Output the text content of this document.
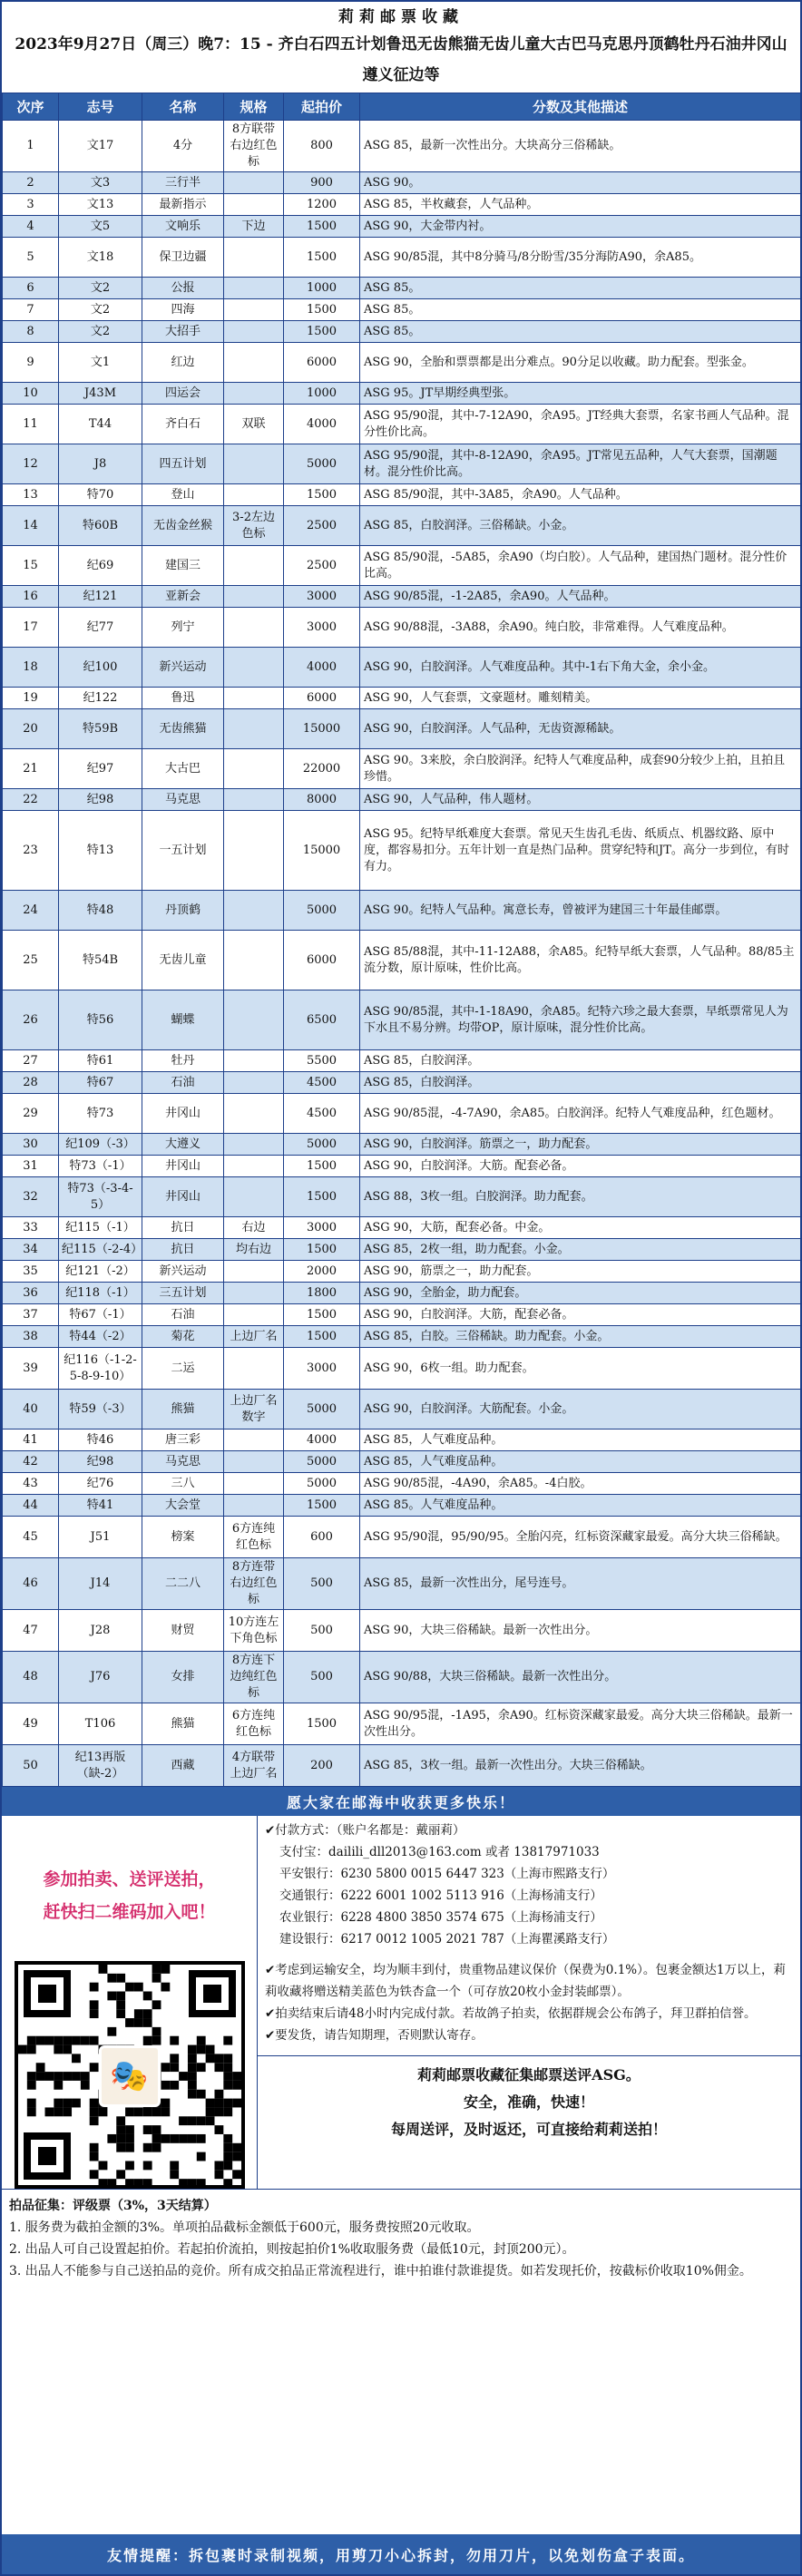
莉莉邮票收藏
2023年9月27日（周三）晚7：15 - 齐白石四五计划鲁迅无齿熊猫无齿儿童大古巴马克思丹顶鹤牡丹石油井冈山遵义征边等
次序	志号	名称	规格	起拍价	分数及其他描述
1	文17	4分	8方联带右边红色标	800	ASG 85，最新一次性出分。大块高分三俗稀缺。
2	文3	三行半		900	ASG 90。
3	文13	最新指示		1200	ASG 85，半枚藏套，人气品种。
4	文5	文响乐	下边	1500	ASG 90，大金带内衬。
5	文18	保卫边疆		1500	ASG 90/85混，其中8分骑马/8分盼雪/35分海防A90，余A85。
6	文2	公报		1000	ASG 85。
7	文2	四海		1500	ASG 85。
8	文2	大招手		1500	ASG 85。
9	文1	红边		6000	ASG 90，全胎和票票都是出分难点。90分足以收藏。助力配套。型张金。
10	J43M	四运会		1000	ASG 95。JT早期经典型张。
11	T44	齐白石	双联	4000	ASG 95/90混，其中-7-12A90，余A95。JT经典大套票，名家书画人气品种。混分性价比高。
12	J8	四五计划		5000	ASG 95/90混，其中-8-12A90，余A95。JT常见五品种，人气大套票，国潮题材。混分性价比高。
13	特70	登山		1500	ASG 85/90混，其中-3A85，余A90。人气品种。
14	特60B	无齿金丝猴	3-2左边色标	2500	ASG 85，白胶润泽。三俗稀缺。小金。
15	纪69	建国三		2500	ASG 85/90混，-5A85，余A90（均白胶）。人气品种，建国热门题材。混分性价比高。
16	纪121	亚新会		3000	ASG 90/85混，-1-2A85，余A90。人气品种。
17	纪77	列宁		3000	ASG 90/88混，-3A88，余A90。纯白胶，非常难得。人气难度品种。
18	纪100	新兴运动		4000	ASG 90，白胶润泽。人气难度品种。其中-1右下角大金，余小金。
19	纪122	鲁迅		6000	ASG 90，人气套票，文豪题材。雕刻精美。
20	特59B	无齿熊猫		15000	ASG 90，白胶润泽。人气品种，无齿资源稀缺。
21	纪97	大古巴		22000	ASG 90。3来胶，余白胶润泽。纪特人气难度品种，成套90分较少上拍，且拍且珍惜。
22	纪98	马克思		8000	ASG 90，人气品种，伟人题材。
23	特13	一五计划		15000	ASG 95。纪特早纸难度大套票。常见天生齿孔毛齿、纸质点、机器纹路、原中度，都容易扣分。五年计划一直是热门品种。贯穿纪特和JT。高分一步到位，有时有力。
24	特48	丹顶鹤		5000	ASG 90。纪特人气品种。寓意长寿，曾被评为建国三十年最佳邮票。
25	特54B	无齿儿童		6000	ASG 85/88混，其中-11-12A88，余A85。纪特早纸大套票，人气品种。88/85主流分数，原计原味，性价比高。
26	特56	蝴蝶		6500	ASG 90/85混，其中-1-18A90，余A85。纪特六珍之最大套票，早纸票常见人为下水且不易分辨。均带OP，原计原味，混分性价比高。
27	特61	牡丹		5500	ASG 85，白胶润泽。
28	特67	石油		4500	ASG 85，白胶润泽。
29	特73	井冈山		4500	ASG 90/85混，-4-7A90，余A85。白胶润泽。纪特人气难度品种，红色题材。
30	纪109（-3）	大遵义		5000	ASG 90，白胶润泽。筋票之一，助力配套。
31	特73（-1）	井冈山		1500	ASG 90，白胶润泽。大筋。配套必备。
32	特73（-3-4-5）	井冈山		1500	ASG 88，3枚一组。白胶润泽。助力配套。
33	纪115（-1）	抗日	右边	3000	ASG 90，大筋，配套必备。中金。
34	纪115（-2-4）	抗日	均右边	1500	ASG 85，2枚一组，助力配套。小金。
35	纪121（-2）	新兴运动		2000	ASG 90，筋票之一，助力配套。
36	纪118（-1）	三五计划		1800	ASG 90，全胎金，助力配套。
37	特67（-1）	石油		1500	ASG 90，白胶润泽。大筋，配套必备。
38	特44（-2）	菊花	上边厂名	1500	ASG 85，白胶。三俗稀缺。助力配套。小金。
39	纪116（-1-2-5-8-9-10）	二运		3000	ASG 90，6枚一组。助力配套。
40	特59（-3）	熊猫	上边厂名数字	5000	ASG 90，白胶润泽。大筋配套。小金。
41	特46	唐三彩		4000	ASG 85，人气难度品种。
42	纪98	马克思		5000	ASG 85，人气难度品种。
43	纪76	三八		5000	ASG 90/85混，-4A90，余A85。-4白胶。
44	特41	大会堂		1500	ASG 85。人气难度品种。
45	J51	榜案	6方连纯红色标	600	ASG 95/90混，95/90/95。全胎闪亮，红标资深藏家最爱。高分大块三俗稀缺。
46	J14	二二八	8方连带右边红色标	500	ASG 85，最新一次性出分，尾号连号。
47	J28	财贸	10方连左下角色标	500	ASG 90，大块三俗稀缺。最新一次性出分。
48	J76	女排	8方连下边纯红色标	500	ASG 90/88，大块三俗稀缺。最新一次性出分。
49	T106	熊猫	6方连纯红色标	1500	ASG 90/95混，-1A95，余A90。红标资深藏家最爱。高分大块三俗稀缺。最新一次性出分。
50	纪13再版（缺-2）	西藏	4方联带上边厂名	200	ASG 85，3枚一组。最新一次性出分。大块三俗稀缺。
愿大家在邮海中收获更多快乐！
参加拍卖、送评送拍，
赶快扫二维码加入吧！
🎭
✔付款方式：（账户名都是：戴丽莉）
支付宝：dailili_dll2013@163.com 或者 13817971033
平安银行：6230 5800 0015 6447 323（上海市熙路支行）
交通银行：6222 6001 1002 5113 916（上海杨浦支行）
农业银行：6228 4800 3850 3574 675（上海杨浦支行）
建设银行：6217 0012 1005 2021 787（上海瞿溪路支行）

✔考虑到运输安全，均为顺丰到付，贵重物品建议保价（保费为0.1%）。包裹金额达1万以上，莉莉收藏将赠送精美蓝色为铁杏盒一个（可存放20枚小金封装邮票）。

✔拍卖结束后请48小时内完成付款。若故鸽子拍卖，依据群规会公布鸽子，拜卫群拍信誉。

✔要发货，请告知期理，否则默认寄存。

莉莉邮票收藏征集邮票送评ASG。

安全，准确，快速！

每周送评，及时返还，可直接给莉莉送拍！

拍品征集：评级票（3%，3天结算）
1. 服务费为截拍金额的3%。单项拍品截标金额低于600元，服务费按照20元收取。
2. 出品人可自己设置起拍价。若起拍价流拍，则按起拍价1%收取服务费（最低10元，封顶200元）。
3. 出品人不能参与自己送拍品的竞价。所有成交拍品正常流程进行，谁中拍谁付款谁提货。如若发现托价，按截标价收取10%佣金。
友情提醒：拆包裹时录制视频，用剪刀小心拆封，勿用刀片，以免划伤盒子表面。
